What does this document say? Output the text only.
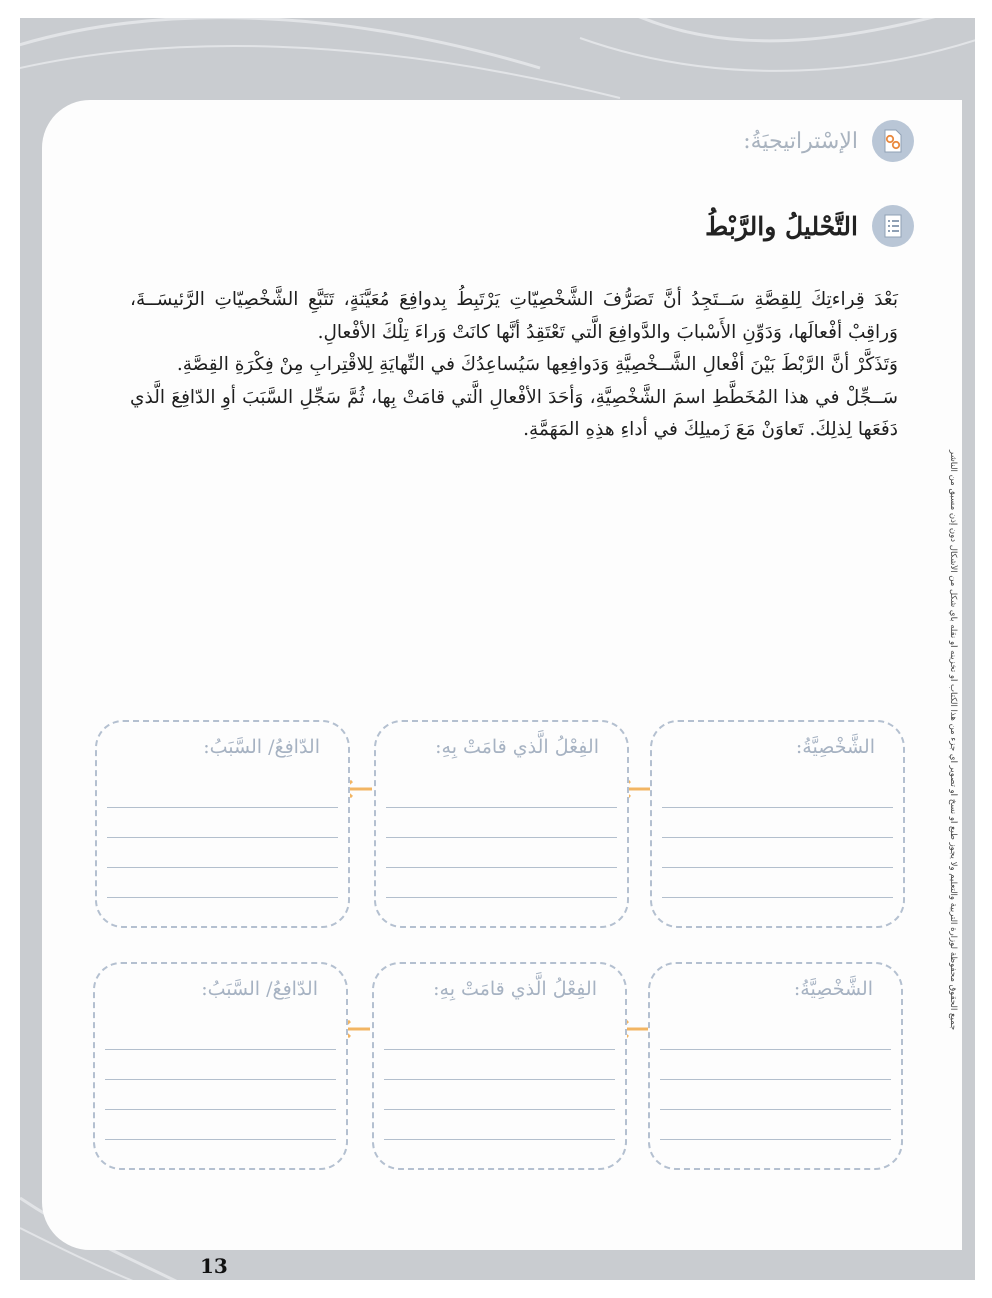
الإسْتراتيجيَةُ:
التَّحْليلُ والرَّبْطُ

بَعْدَ قِراءتِكَ لِلقِصَّةِ سَــتَجِدُ أنَّ تَصَرُّفَ الشَّخْصِيّاتِ يَرْتَبِطُ بِدوافِعَ مُعَيَّنَةٍ، تَتَبَّعِ الشَّخْصِيّاتِ الرَّئيسَــةَ، وَراقِبْ أفْعالَها، وَدَوِّنِ الأَسْبابَ والدَّوافِعَ الَّتي تَعْتَقِدُ أنَّها كانَتْ وَراءَ تِلْكَ الأفْعالِ.

وَتَذَكَّرْ أنَّ الرَّبْطَ بَيْنَ أفْعالِ الشَّــخْصِيَّةِ وَدَوافِعِها سَيُساعِدُكَ في النِّهايَةِ لِلاقْتِرابِ مِنْ فِكْرَةِ القِصَّةِ.

سَــجِّلْ في هذا المُخَطَّطِ اسمَ الشَّخْصِيَّةِ، وَأحَدَ الأفْعالِ الَّتي قامَتْ بِها، ثُمَّ سَجِّلِ السَّبَبَ أوِ الدّافِعَ الَّذي دَفَعَها لِذلِكَ. تَعاوَنْ مَعَ زَميلِكَ في أداءِ هذِهِ المَهَمَّةِ.

الشَّخْصِيَّةُ:
الفِعْلُ الَّذي قامَتْ بِهِ:
الدّافِعُ/ السَّبَبُ:
الشَّخْصِيَّةُ:
الفِعْلُ الَّذي قامَتْ بِهِ:
الدّافِعُ/ السَّبَبُ:	جميع الحقوق محفوظة لوزارة التربية والتعليم ولا يجوز طبع أو نسخ أو تصوير أي جزء من هذا الكتاب أو تخزينه أو نقله بأي شكل من الأشكال دون إذن مسبق من الناشر
13
